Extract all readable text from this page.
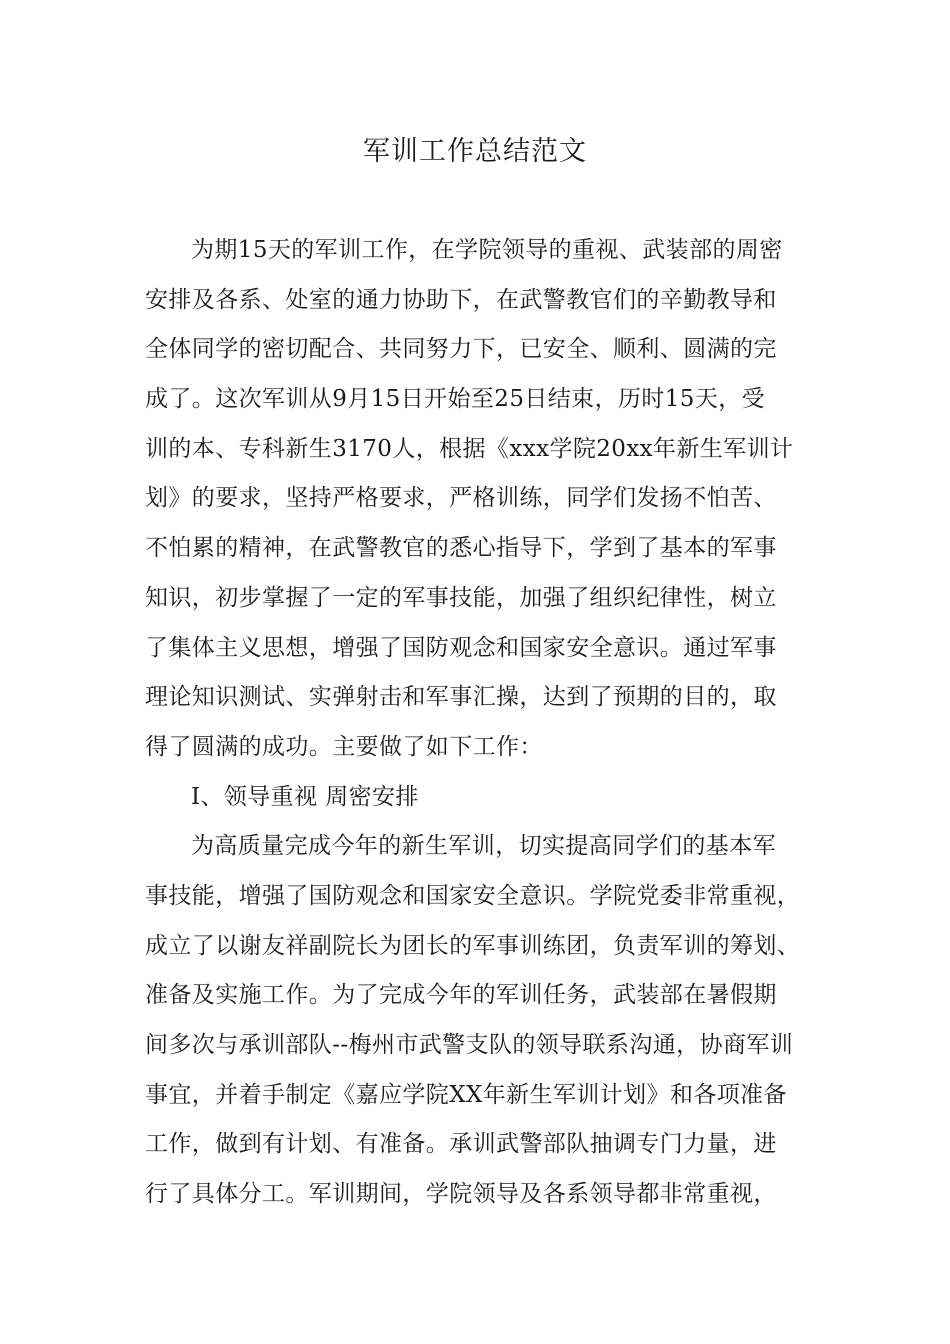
军训工作总结范文
为期15天的军训工作，在学院领导的重视、武装部的周密
安排及各系、处室的通力协助下，在武警教官们的辛勤教导和
全体同学的密切配合、共同努力下，已安全、顺利、圆满的完
成了。这次军训从9月15日开始至25日结束，历时15天，受
训的本、专科新生3170人，根据《xxx学院20xx年新生军训计
划》的要求，坚持严格要求，严格训练，同学们发扬不怕苦、
不怕累的精神，在武警教官的悉心指导下，学到了基本的军事
知识，初步掌握了一定的军事技能，加强了组织纪律性，树立
了集体主义思想，增强了国防观念和国家安全意识。通过军事
理论知识测试、实弹射击和军事汇操，达到了预期的目的，取
得了圆满的成功。主要做了如下工作：
I、领导重视 周密安排
为高质量完成今年的新生军训，切实提高同学们的基本军
事技能，增强了国防观念和国家安全意识。学院党委非常重视，
成立了以谢友祥副院长为团长的军事训练团，负责军训的筹划、
准备及实施工作。为了完成今年的军训任务，武装部在暑假期
间多次与承训部队--梅州市武警支队的领导联系沟通，协商军训
事宜，并着手制定《嘉应学院XX年新生军训计划》和各项准备
工作，做到有计划、有准备。承训武警部队抽调专门力量，进
行了具体分工。军训期间，学院领导及各系领导都非常重视，
